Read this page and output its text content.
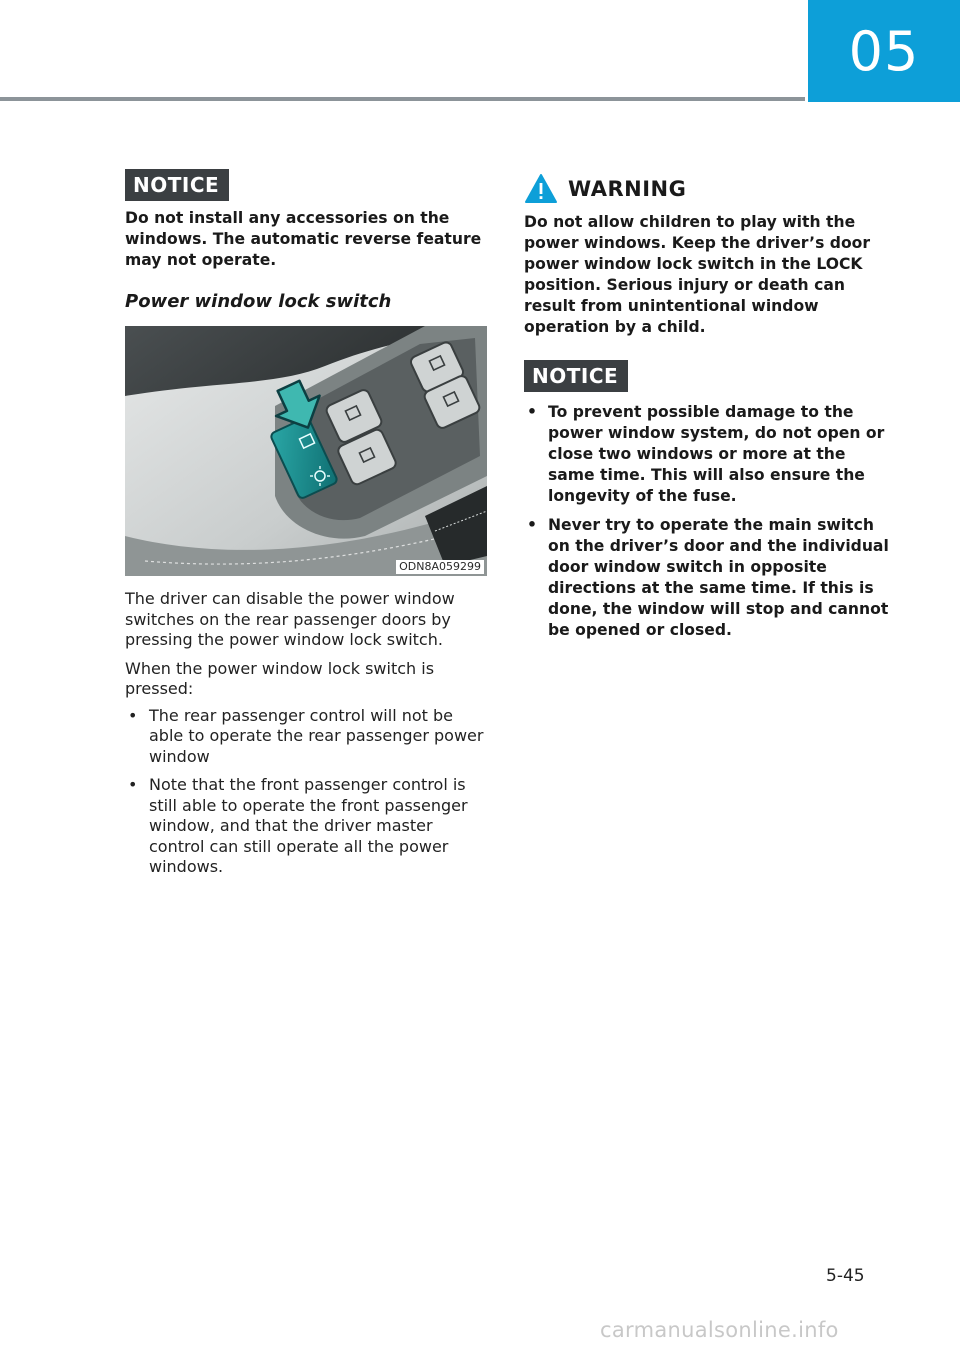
05
NOTICE

Do not install any accessories on the windows. The automatic reverse feature may not operate.

Power window lock switch
ODN8A059299

The driver can disable the power window switches on the rear passenger doors by pressing the power window lock switch.

When the power window lock switch is pressed:

• The rear passenger control will not be able to operate the rear passenger power window
• Note that the front passenger control is still able to operate the front passenger window, and that the driver master control can still operate all the power windows.
WARNING

Do not allow children to play with the power windows. Keep the driver’s door power window lock switch in the LOCK position. Serious injury or death can result from unintentional window operation by a child.

NOTICE
• To prevent possible damage to the power window system, do not open or close two windows or more at the same time. This will also ensure the longevity of the fuse.
• Never try to operate the main switch on the driver’s door and the individual door window switch in opposite directions at the same time. If this is done, the window will stop and cannot be opened or closed.
5-45
carmanualsonline.info
